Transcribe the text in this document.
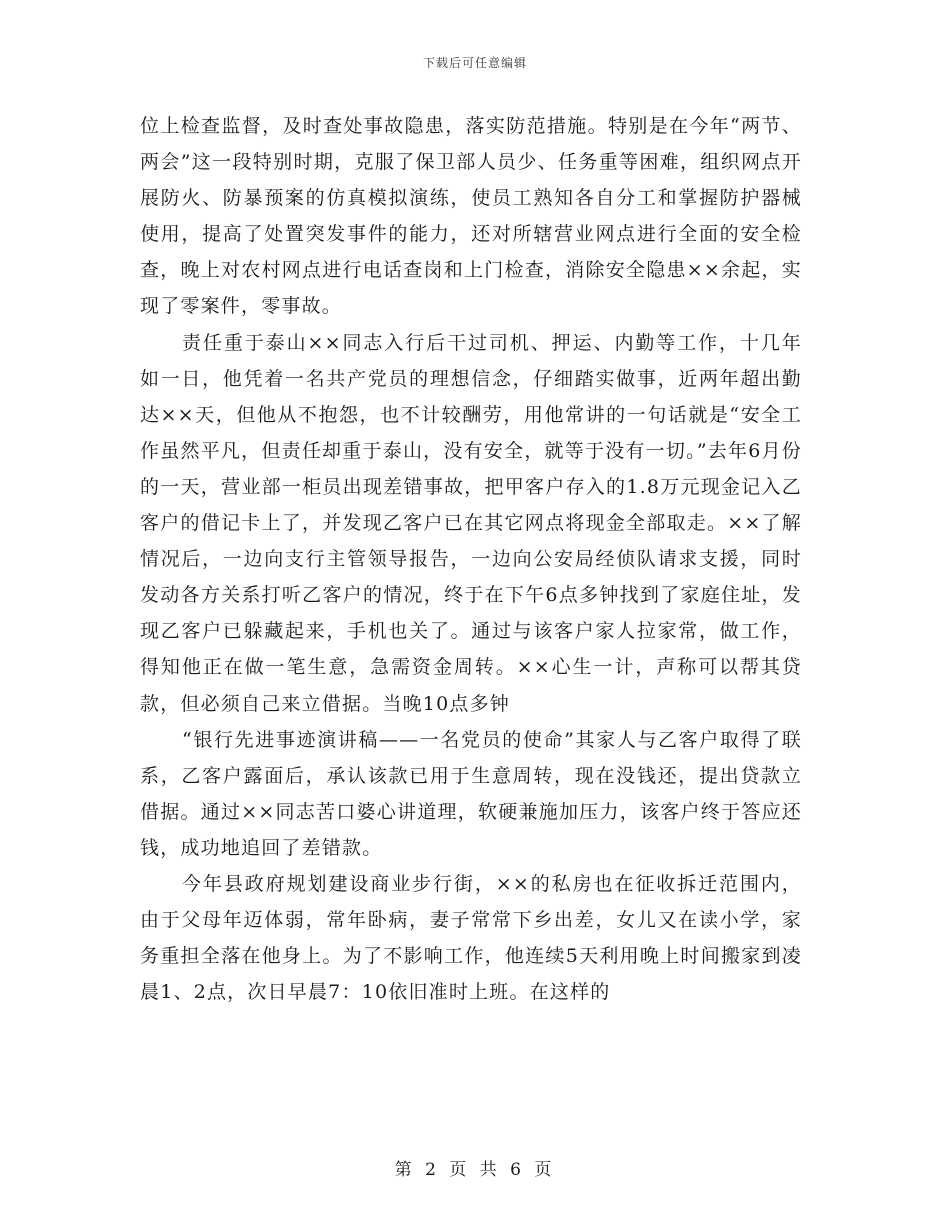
下载后可任意编辑

位上检查监督，及时查处事故隐患，落实防范措施。特别是在今年“两节、两会”这一段特别时期，克服了保卫部人员少、任务重等困难，组织网点开展防火、防暴预案的仿真模拟演练，使员工熟知各自分工和掌握防护器械使用，提高了处置突发事件的能力，还对所辖营业网点进行全面的安全检查，晚上对农村网点进行电话查岗和上门检查，消除安全隐患××余起，实现了零案件，零事故。

责任重于泰山××同志入行后干过司机、押运、内勤等工作，十几年如一日，他凭着一名共产党员的理想信念，仔细踏实做事，近两年超出勤达××天，但他从不抱怨，也不计较酬劳，用他常讲的一句话就是“安全工作虽然平凡，但责任却重于泰山，没有安全，就等于没有一切。”去年6月份的一天，营业部一柜员出现差错事故，把甲客户存入的1.8万元现金记入乙客户的借记卡上了，并发现乙客户已在其它网点将现金全部取走。××了解情况后，一边向支行主管领导报告，一边向公安局经侦队请求支援，同时发动各方关系打听乙客户的情况，终于在下午6点多钟找到了家庭住址，发现乙客户已躲藏起来，手机也关了。通过与该客户家人拉家常，做工作，得知他正在做一笔生意，急需资金周转。××心生一计，声称可以帮其贷款，但必须自己来立借据。当晚10点多钟

“银行先进事迹演讲稿——一名党员的使命”其家人与乙客户取得了联系，乙客户露面后，承认该款已用于生意周转，现在没钱还，提出贷款立借据。通过××同志苦口婆心讲道理，软硬兼施加压力，该客户终于答应还钱，成功地追回了差错款。

今年县政府规划建设商业步行街，××的私房也在征收拆迁范围内，由于父母年迈体弱，常年卧病，妻子常常下乡出差，女儿又在读小学，家务重担全落在他身上。为了不影响工作，他连续5天利用晚上时间搬家到凌晨1、2点，次日早晨7：10依旧准时上班。在这样的

第 2 页 共 6 页
